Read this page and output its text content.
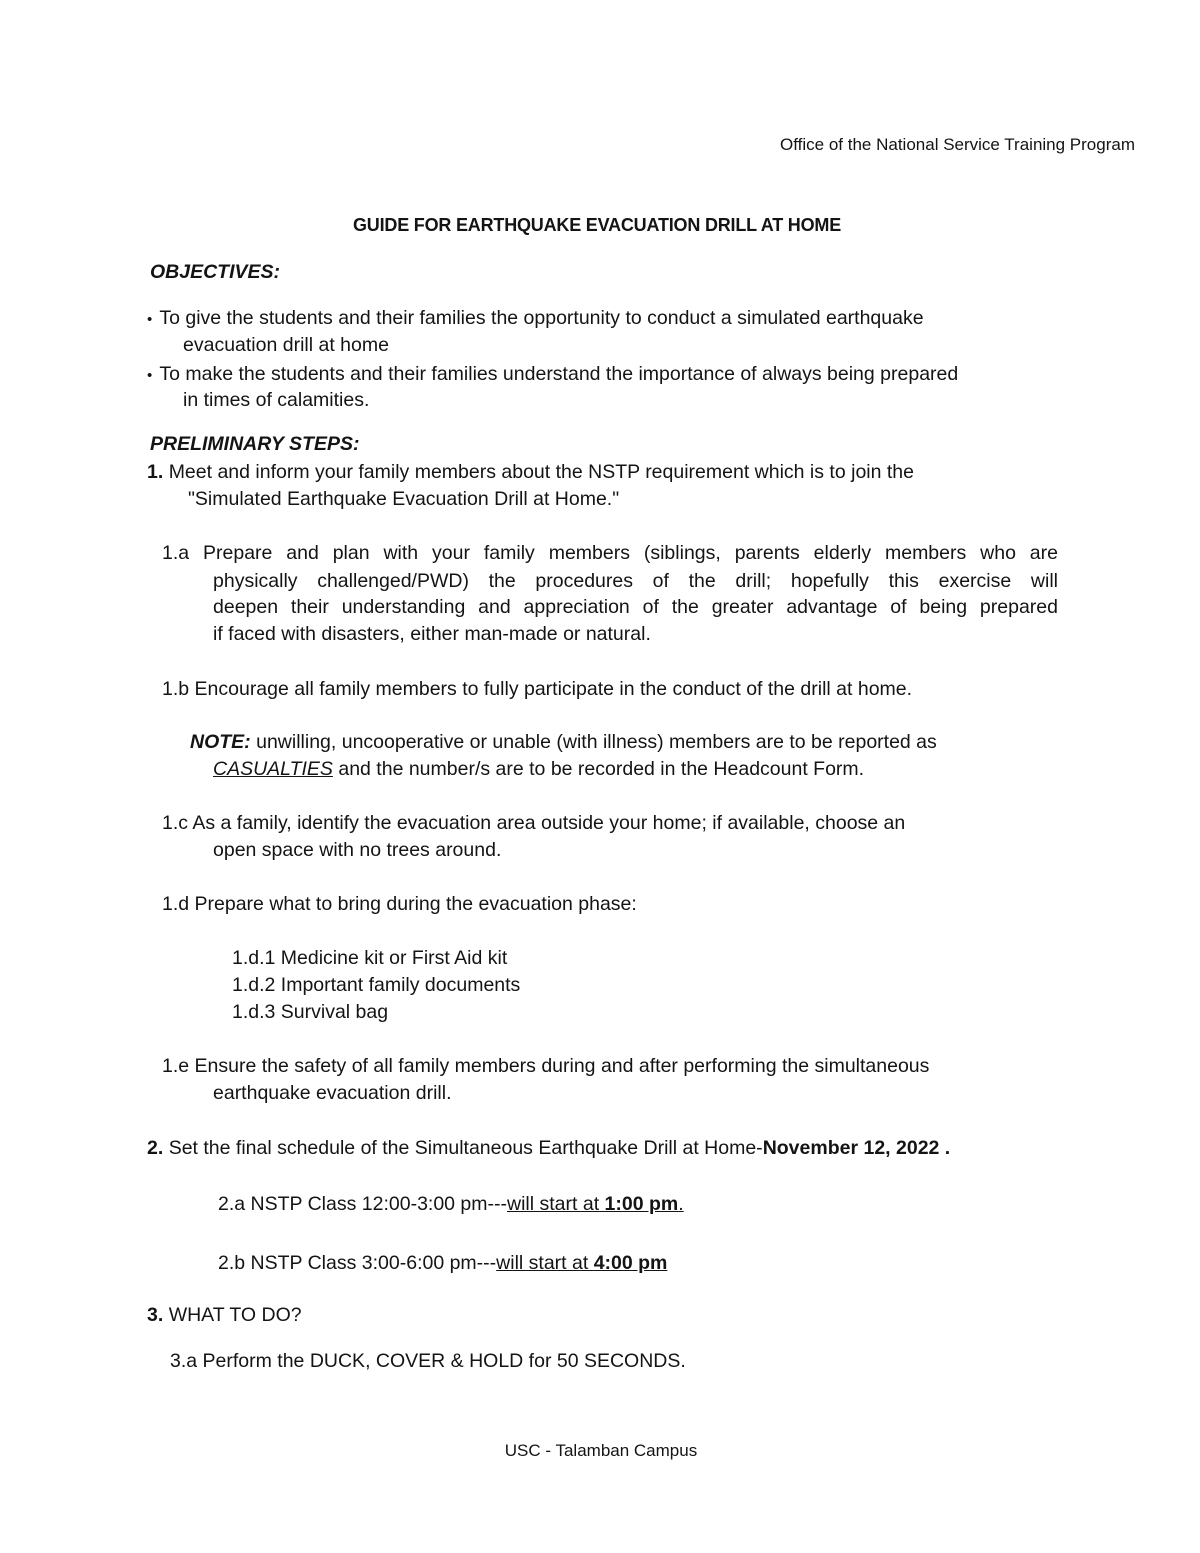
Office of the National Service Training Program
GUIDE FOR EARTHQUAKE EVACUATION DRILL AT HOME
OBJECTIVES:
• To give the students and their families the opportunity to conduct a simulated earthquake
evacuation drill at home
• To make the students and their families understand the importance of always being prepared
in times of calamities.
PRELIMINARY STEPS:
1. Meet and inform your family members about the NSTP requirement which is to join the
"Simulated Earthquake Evacuation Drill at Home."
1.a Prepare and plan with your family members (siblings, parents elderly members who are
physically challenged/PWD) the procedures of the drill; hopefully this exercise will
deepen their understanding and appreciation of the greater advantage of being prepared
if faced with disasters, either man-made or natural.
1.b Encourage all family members to fully participate in the conduct of the drill at home.
NOTE: unwilling, uncooperative or unable (with illness) members are to be reported as
CASUALTIES and the number/s are to be recorded in the Headcount Form.
1.c As a family, identify the evacuation area outside your home; if available, choose an
open space with no trees around.
1.d Prepare what to bring during the evacuation phase:
1.d.1 Medicine kit or First Aid kit
1.d.2 Important family documents
1.d.3 Survival bag
1.e Ensure the safety of all family members during and after performing the simultaneous
earthquake evacuation drill.
2. Set the final schedule of the Simultaneous Earthquake Drill at Home-November 12, 2022 .
2.a NSTP Class 12:00-3:00 pm---will start at 1:00 pm.
2.b NSTP Class 3:00-6:00 pm---will start at 4:00 pm
3. WHAT TO DO?
3.a Perform the DUCK, COVER & HOLD for 50 SECONDS.
USC - Talamban Campus
